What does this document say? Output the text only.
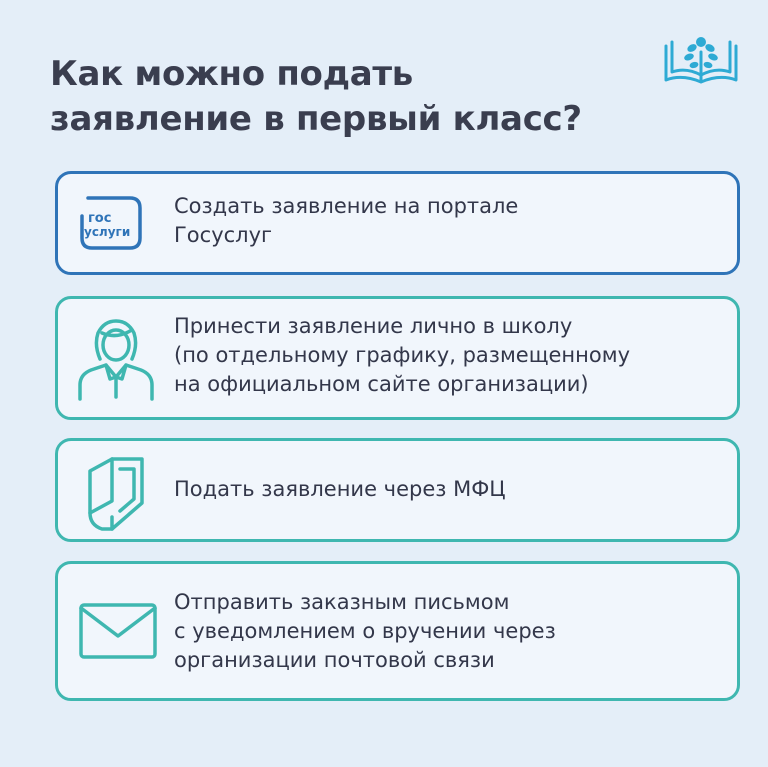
Как можно подать
заявление в первый класс?
гос
услуги
Создать заявление на портале
Госуслуг
Принести заявление лично в школу
(по отдельному графику, размещенному
на официальном сайте организации)
Подать заявление через МФЦ
Отправить заказным письмом
с уведомлением о вручении через
организации почтовой связи
